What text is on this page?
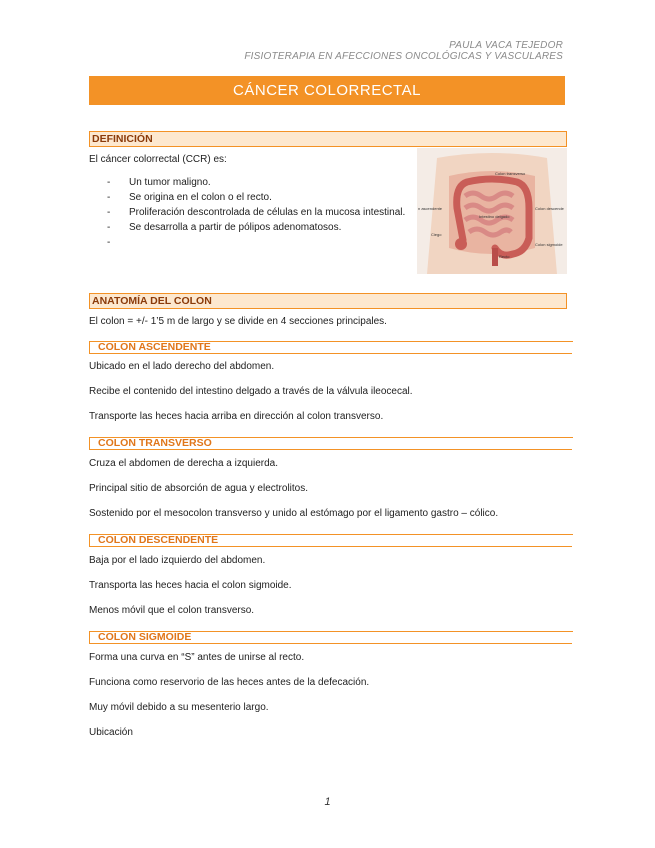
PAULA VACA TEJEDOR
FISIOTERAPIA EN AFECCIONES ONCOLÓGICAS Y VASCULARES
CÁNCER COLORRECTAL
DEFINICIÓN
El cáncer colorrectal (CCR) es:
-	Un tumor maligno.
-	Se origina en el colon o el recto.
-	Proliferación descontrolada de células en la mucosa intestinal.
-	Se desarrolla a partir de pólipos adenomatosos.
-
Colon transverso
n ascendente	Colon descende
Intestino delgado
Ciego
Colon sigmoide
Recto
ANATOMÍA DEL COLON
El colon = +/- 1’5 m de largo y se divide en 4 secciones principales.
COLON ASCENDENTE
Ubicado en el lado derecho del abdomen.
Recibe el contenido del intestino delgado a través de la válvula ileocecal.
Transporte las heces hacia arriba en dirección al colon transverso.
COLON TRANSVERSO
Cruza el abdomen de derecha a izquierda.
Principal sitio de absorción de agua y electrolitos.
Sostenido por el mesocolon transverso y unido al estómago por el ligamento gastro – cólico.
COLON DESCENDENTE
Baja por el lado izquierdo del abdomen.
Transporta las heces hacia el colon sigmoide.
Menos móvil que el colon transverso.
COLON SIGMOIDE
Forma una curva en “S” antes de unirse al recto.
Funciona como reservorio de las heces antes de la defecación.
Muy móvil debido a su mesenterio largo.
Ubicación
1
